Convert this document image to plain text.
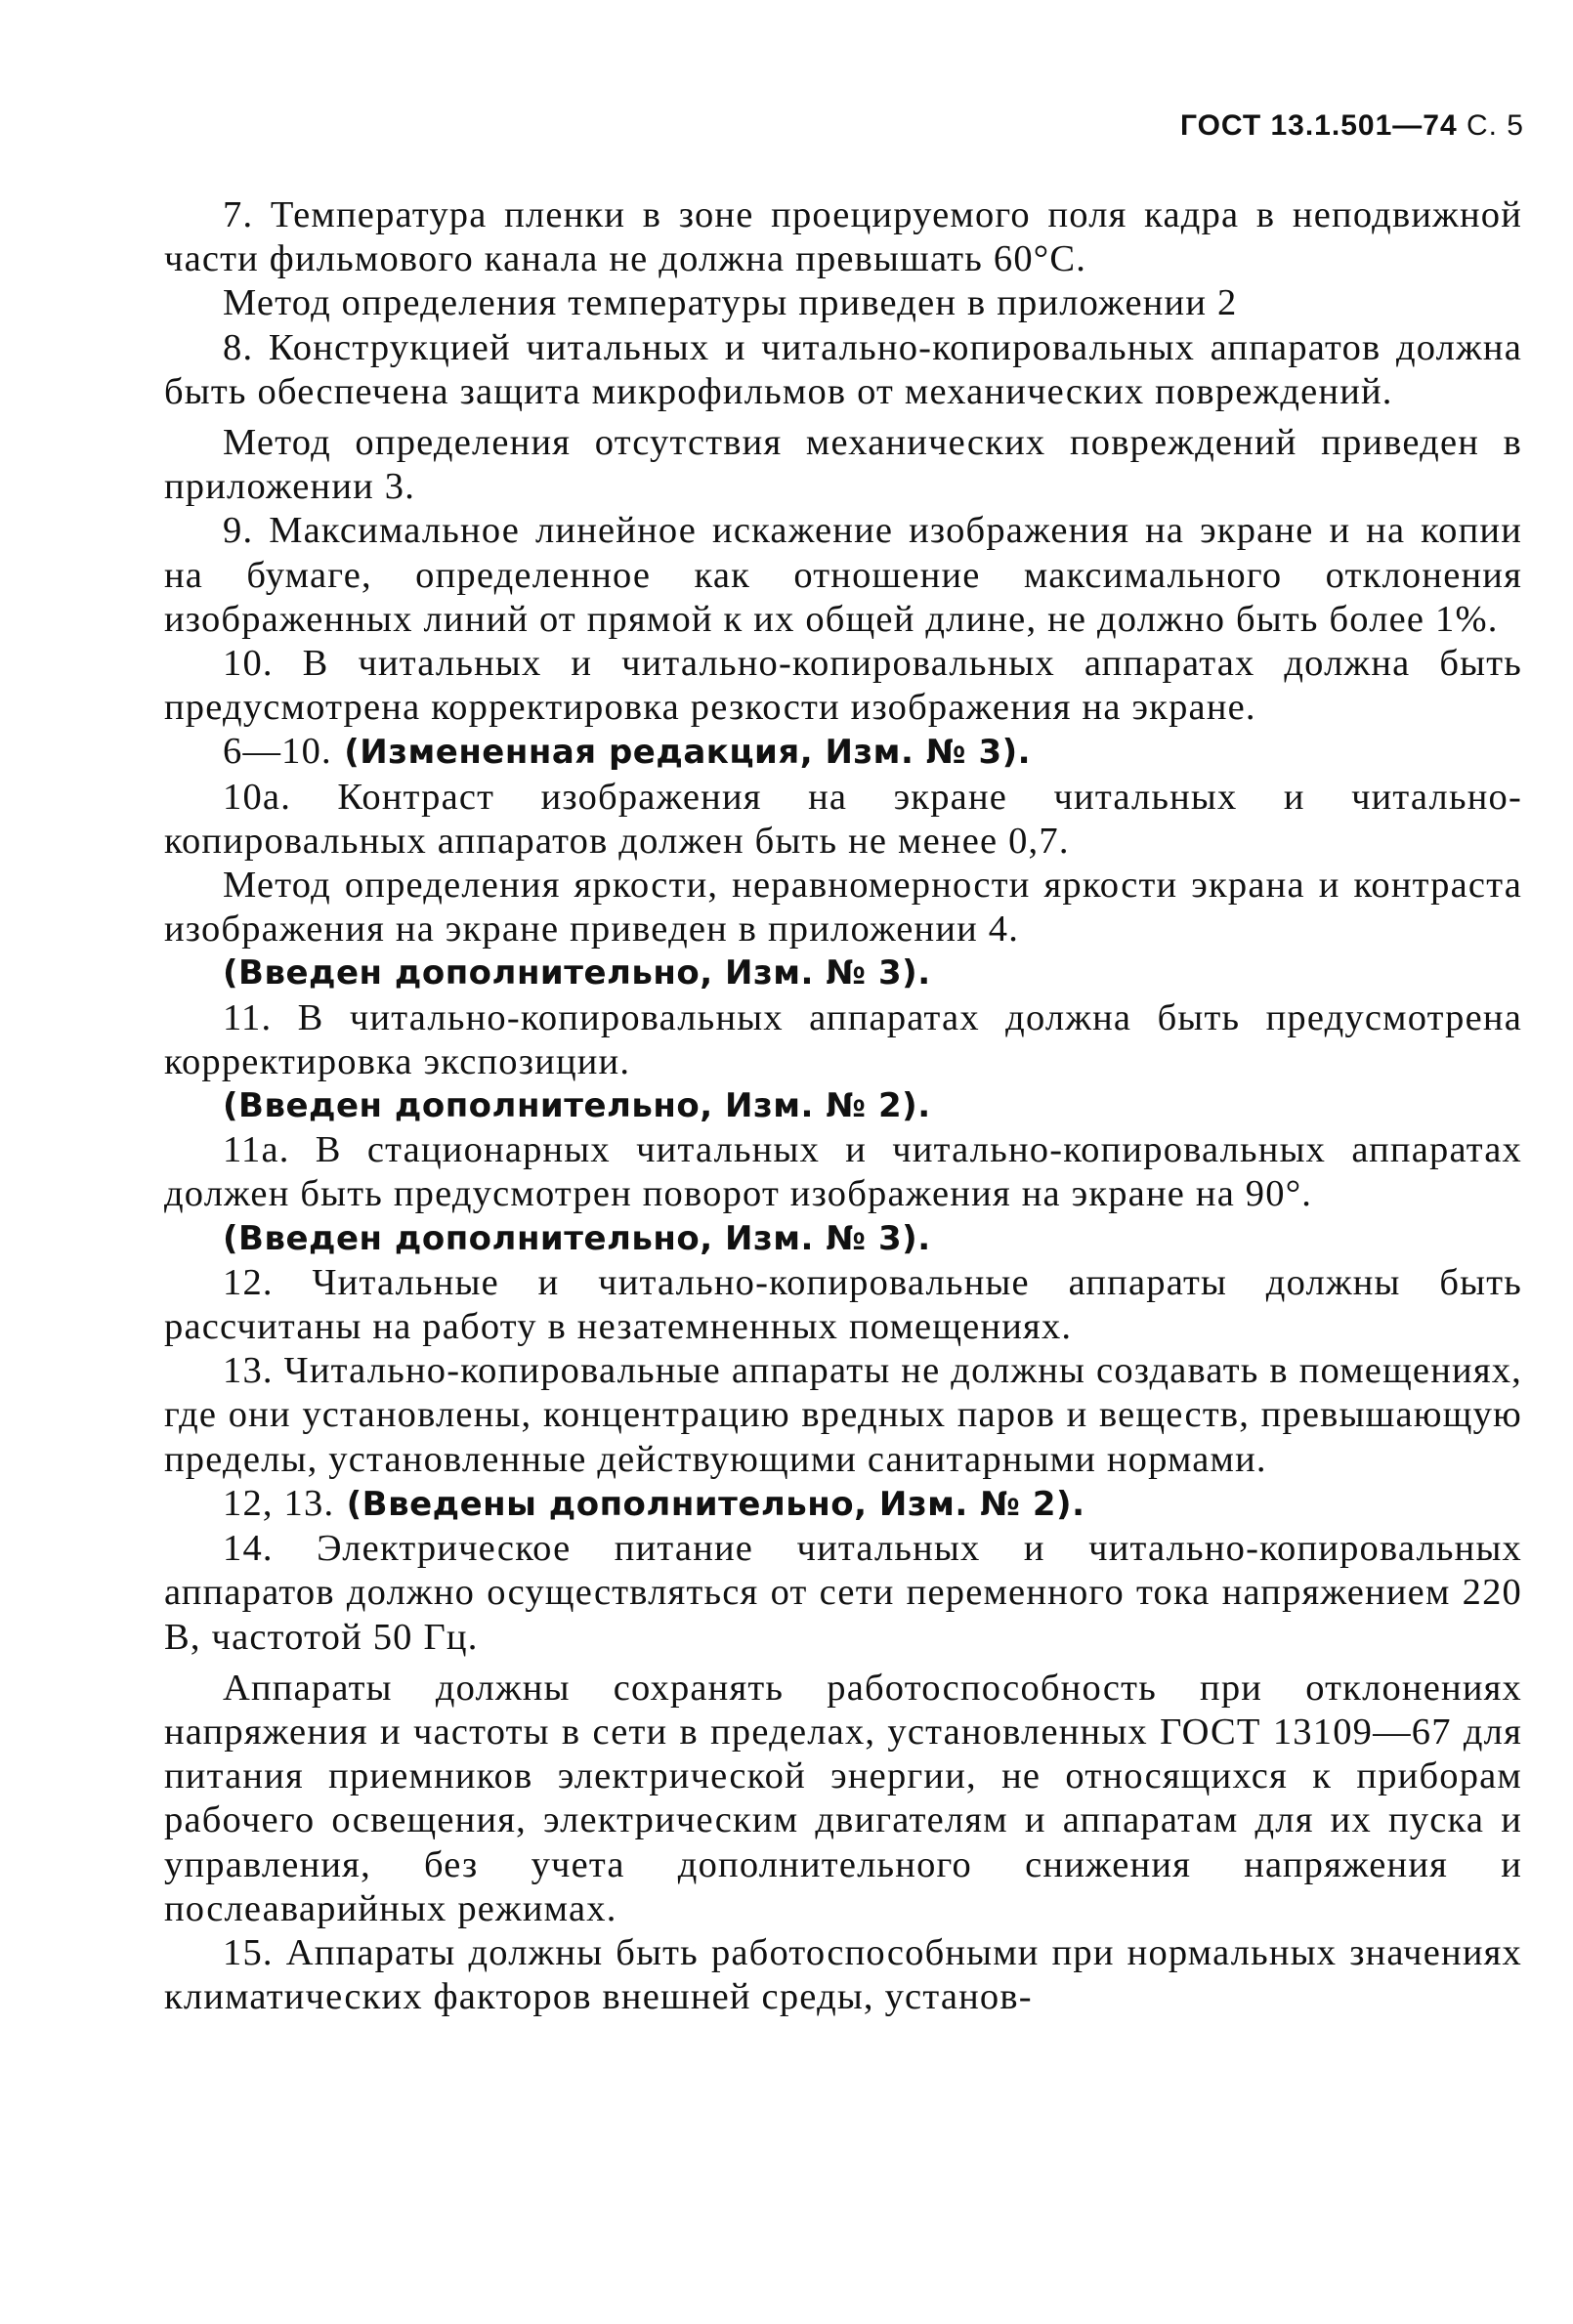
ГОСТ 13.1.501—74 С. 5

7. Температура пленки в зоне проецируемого поля кадра в неподвижной части фильмового канала не должна превышать 60°С.

Метод определения температуры приведен в приложении 2

8. Конструкцией читальных и читально-копировальных аппаратов должна быть обеспечена защита микрофильмов от механических повреждений.

Метод определения отсутствия механических повреждений приведен в приложении 3.

9. Максимальное линейное искажение изображения на экране и на копии на бумаге, определенное как отношение максимального отклонения изображенных линий от прямой к их общей длине, не должно быть более 1%.

10. В читальных и читально-копировальных аппаратах должна быть предусмотрена корректировка резкости изображения на экране.

6—10. (Измененная редакция, Изм. № 3).

10а. Контраст изображения на экране читальных и читально-копировальных аппаратов должен быть не менее 0,7.

Метод определения яркости, неравномерности яркости экрана и контраста изображения на экране приведен в приложении 4.

(Введен дополнительно, Изм. № 3).

11. В читально-копировальных аппаратах должна быть предусмотрена корректировка экспозиции.

(Введен дополнительно, Изм. № 2).

11а. В стационарных читальных и читально-копировальных аппаратах должен быть предусмотрен поворот изображения на экране на 90°.

(Введен дополнительно, Изм. № 3).

12. Читальные и читально-копировальные аппараты должны быть рассчитаны на работу в незатемненных помещениях.

13. Читально-копировальные аппараты не должны создавать в помещениях, где они установлены, концентрацию вредных паров и веществ, превышающую пределы, установленные действующими санитарными нормами.

12, 13. (Введены дополнительно, Изм. № 2).

14. Электрическое питание читальных и читально-копировальных аппаратов должно осуществляться от сети переменного тока напряжением 220 В, частотой 50 Гц.

Аппараты должны сохранять работоспособность при отклонениях напряжения и частоты в сети в пределах, установленных ГОСТ 13109—67 для питания приемников электрической энергии, не относящихся к приборам рабочего освещения, электрическим двигателям и аппаратам для их пуска и управления, без учета дополнительного снижения напряжения и послеаварийных режимах.

15. Аппараты должны быть работоспособными при нормальных значениях климатических факторов внешней среды, установ-
